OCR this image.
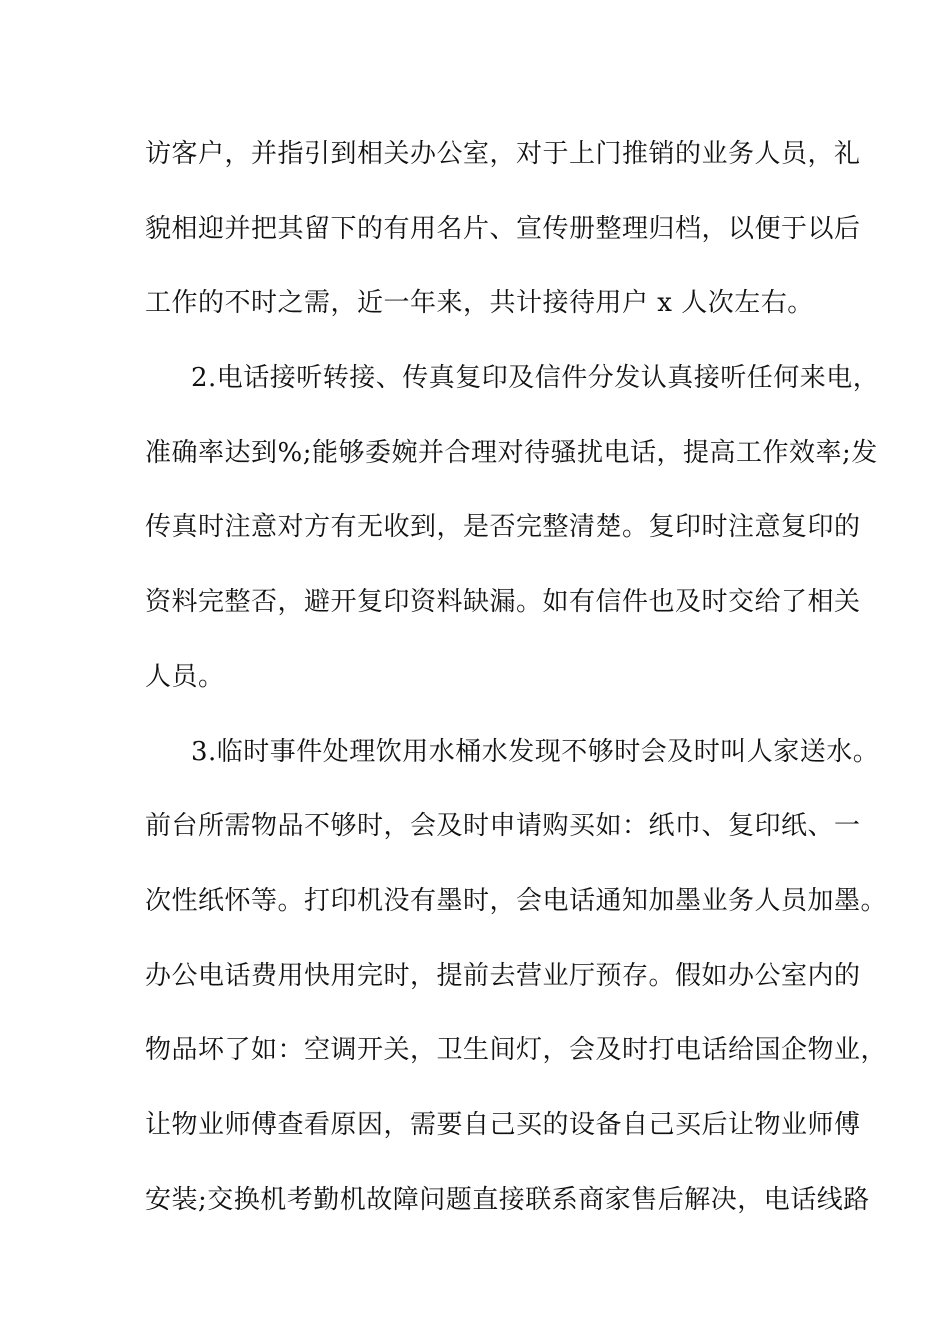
访客户，并指引到相关办公室，对于上门推销的业务人员，礼
貌相迎并把其留下的有用名片、宣传册整理归档，以便于以后
工作的不时之需，近一年来，共计接待用户 x 人次左右。
2.电话接听转接、传真复印及信件分发认真接听任何来电，
准确率达到%;能够委婉并合理对待骚扰电话，提高工作效率;发
传真时注意对方有无收到，是否完整清楚。复印时注意复印的
资料完整否，避开复印资料缺漏。如有信件也及时交给了相关
人员。
3.临时事件处理饮用水桶水发现不够时会及时叫人家送水。
前台所需物品不够时，会及时申请购买如：纸巾、复印纸、一
次性纸怀等。打印机没有墨时，会电话通知加墨业务人员加墨。
办公电话费用快用完时，提前去营业厅预存。假如办公室内的
物品坏了如：空调开关，卫生间灯，会及时打电话给国企物业，
让物业师傅查看原因，需要自己买的设备自己买后让物业师傅
安装;交换机考勤机故障问题直接联系商家售后解决，电话线路
